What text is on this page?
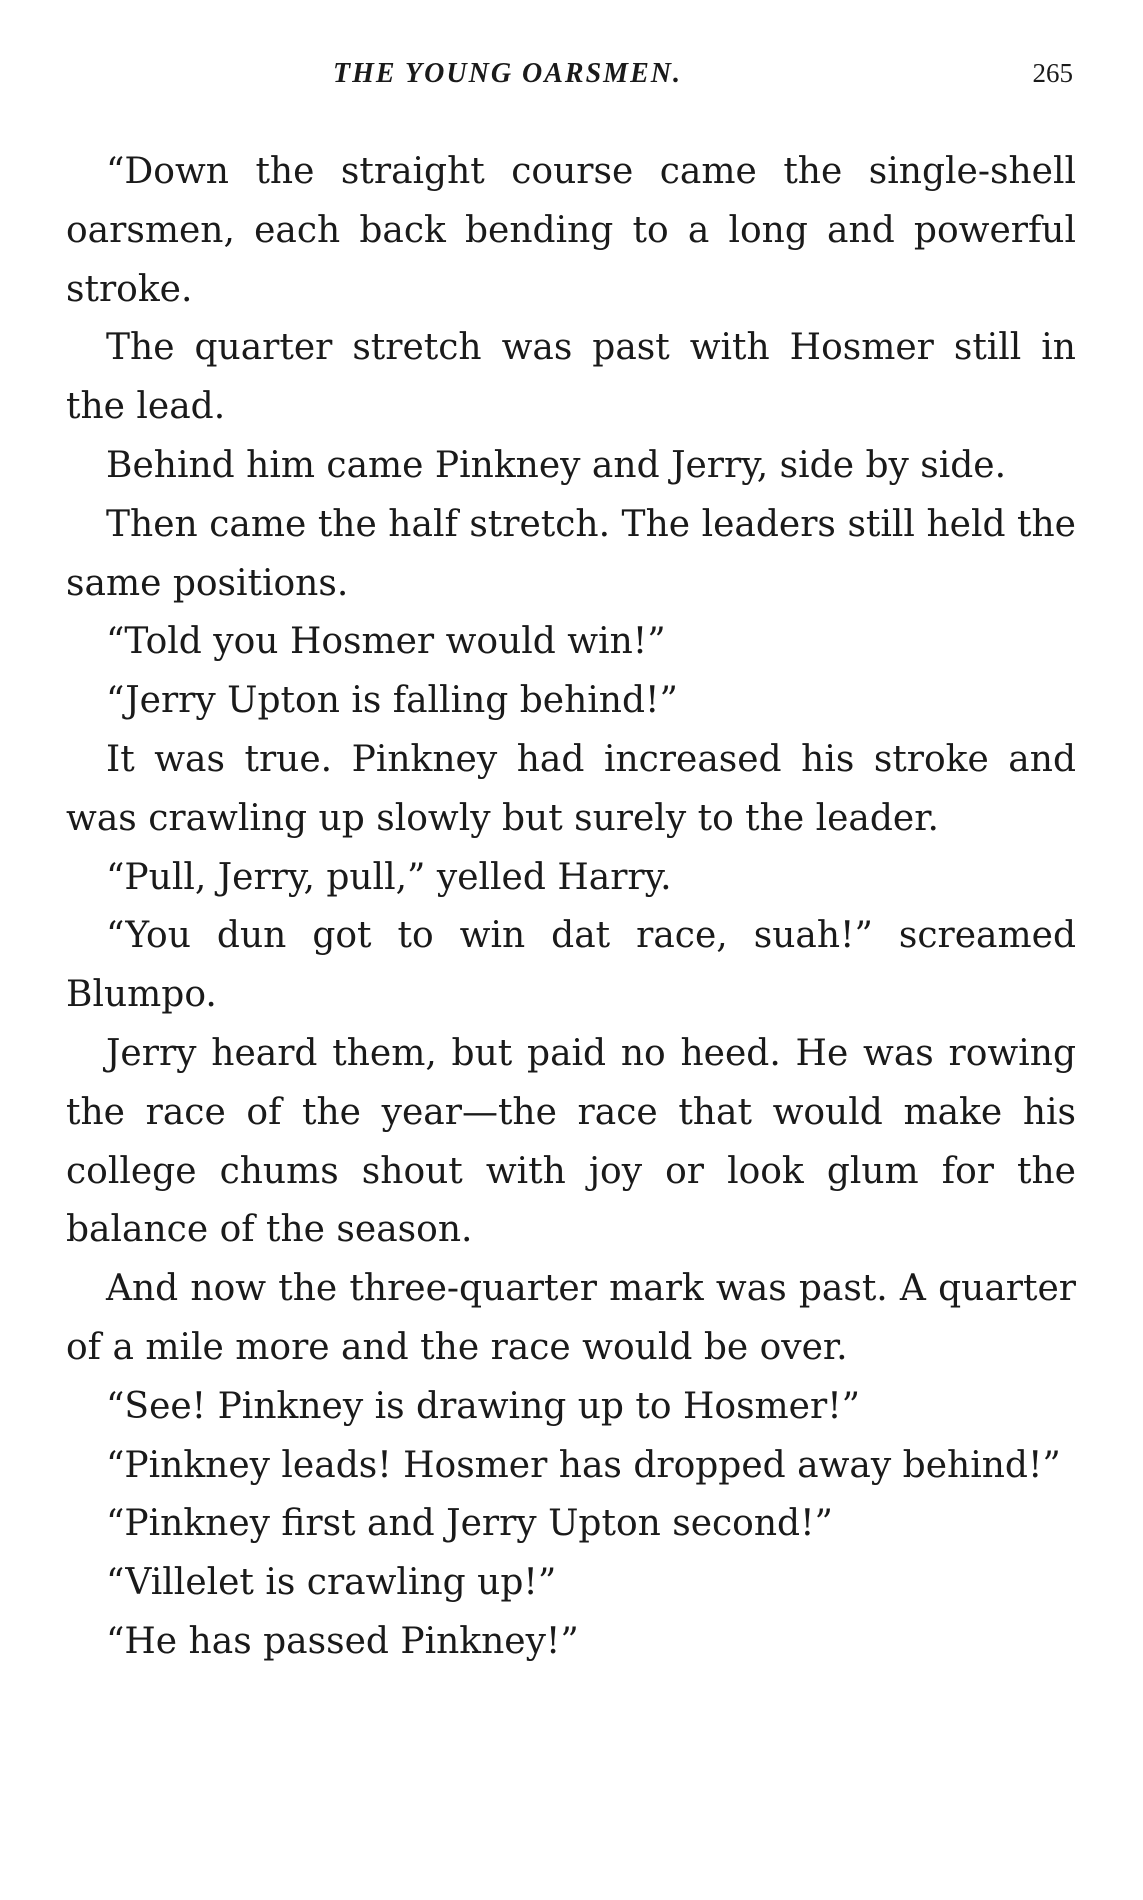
THE YOUNG OARSMEN.	265

“Down the straight course came the single-shell oarsmen, each back bending to a long and powerful stroke.

The quarter stretch was past with Hosmer still in the lead.

Behind him came Pinkney and Jerry, side by side.

Then came the half stretch. The leaders still held the same positions.

“Told you Hosmer would win!”

“Jerry Upton is falling behind!”

It was true. Pinkney had increased his stroke and was crawling up slowly but surely to the leader.

“Pull, Jerry, pull,” yelled Harry.

“You dun got to win dat race, suah!” screamed Blumpo.

Jerry heard them, but paid no heed. He was rowing the race of the year—the race that would make his college chums shout with joy or look glum for the balance of the season.

And now the three-quarter mark was past. A quarter of a mile more and the race would be over.

“See! Pinkney is drawing up to Hosmer!”

“Pinkney leads! Hosmer has dropped away behind!”

“Pinkney first and Jerry Upton second!”

“Villelet is crawling up!”

“He has passed Pinkney!”
